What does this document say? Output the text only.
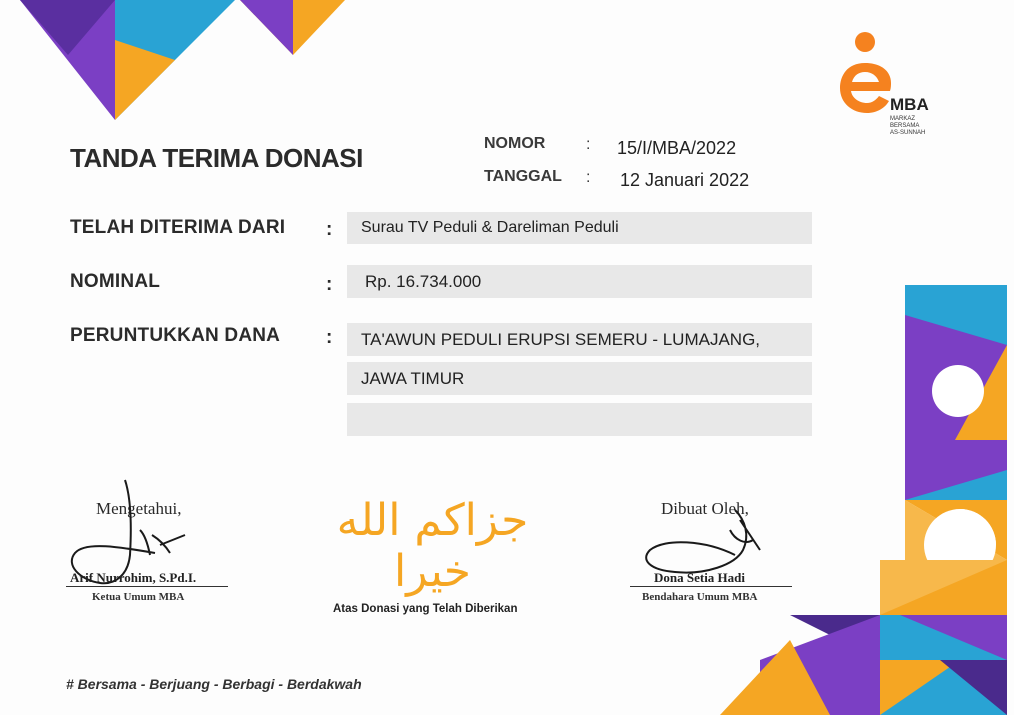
MBA
MARKAZ
BERSAMA
AS-SUNNAH
TANDA TERIMA DONASI	NOMOR	: 15/I/MBA/2022
TANGGAL : 12 Januari 2022
TELAH DITERIMA DARI : Surau TV Peduli & Dareliman Peduli
NOMINAL	: Rp. 16.734.000
PERUNTUKKAN DANA : TA'AWUN PEDULI ERUPSI SEMERU - LUMAJANG,
JAWA TIMUR
Mengetahui,
Arif Nurrohim, S.Pd.I.
Ketua Umum MBA
Dibuat Oleh,
Dona Setia Hadi
Bendahara Umum MBA
جزاكم الله خيرا
Atas Donasi yang Telah Diberikan
# Bersama - Berjuang - Berbagi - Berdakwah
